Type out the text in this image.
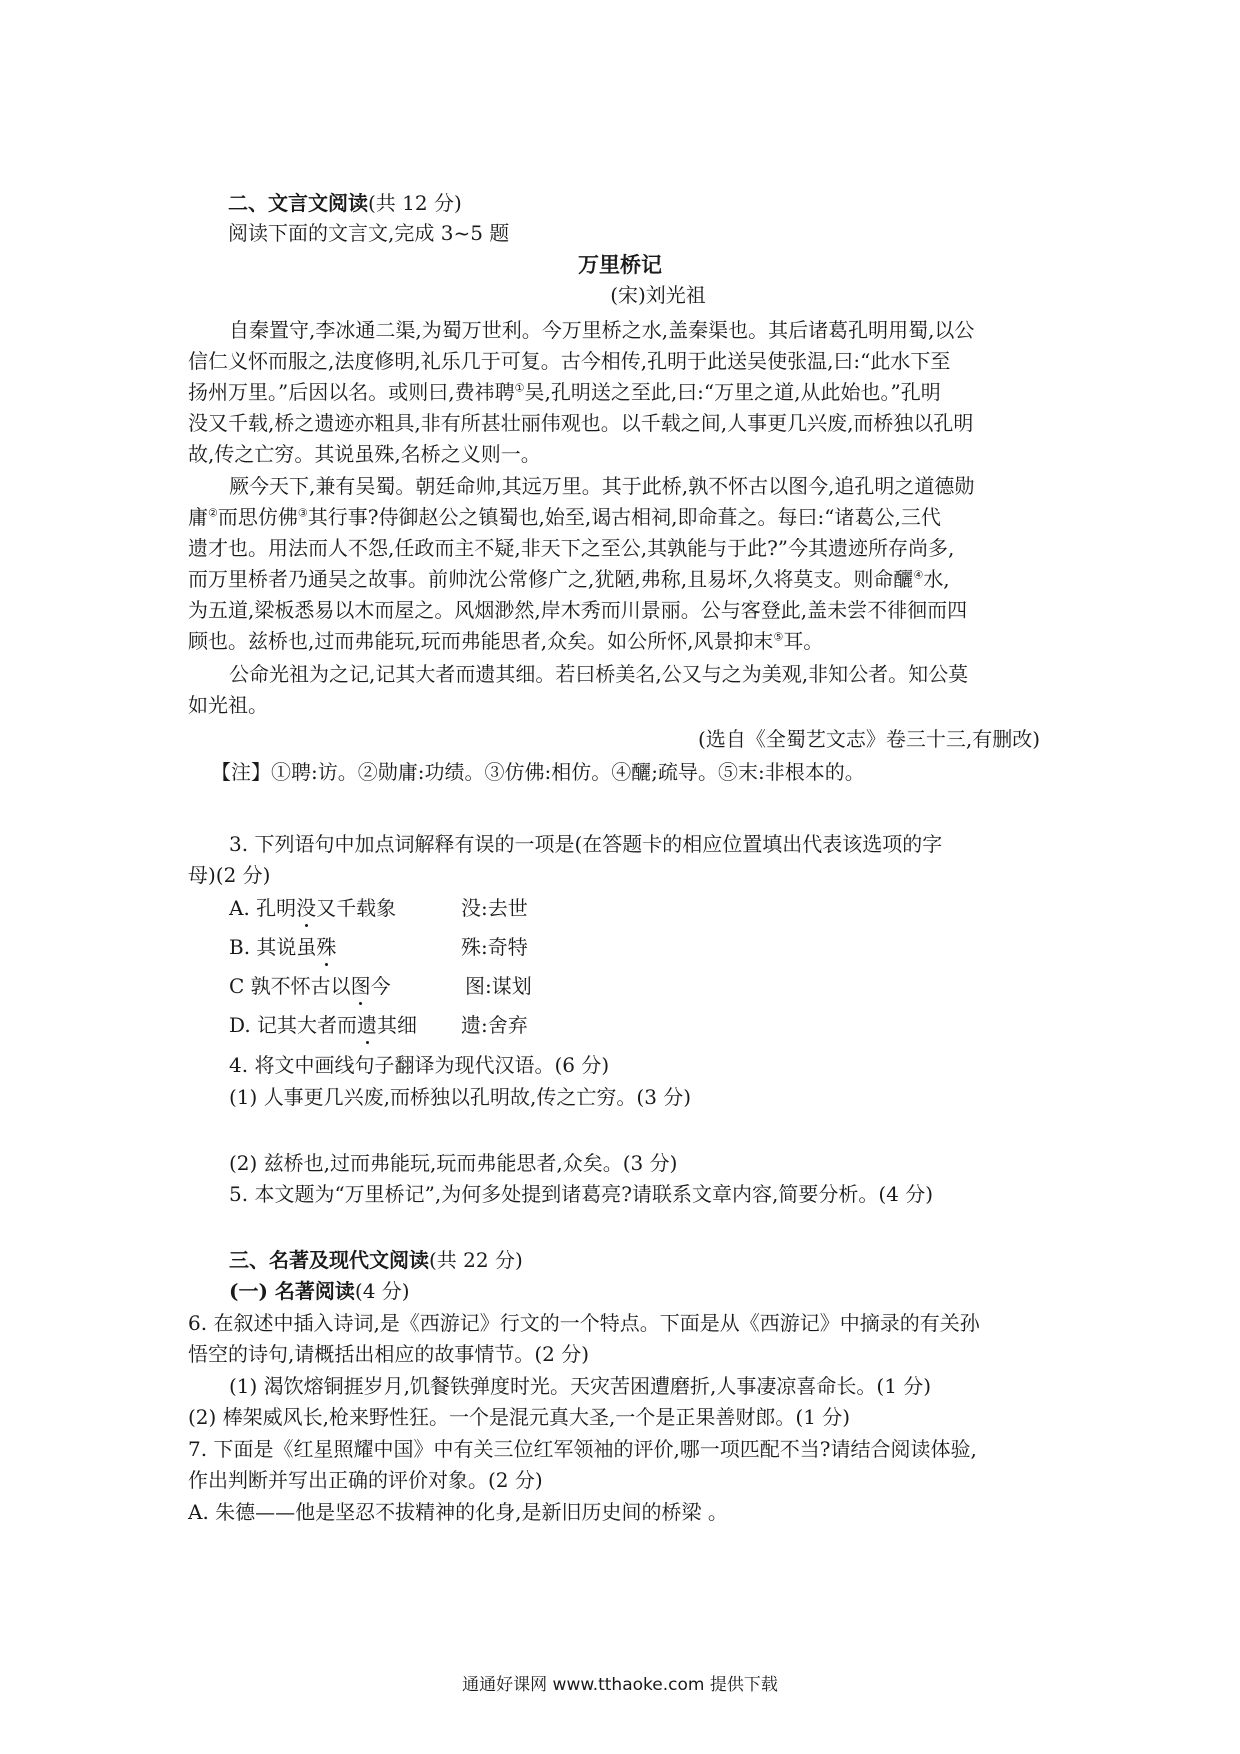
二、文言文阅读(共 12 分)
阅读下面的文言文,完成 3~5 题
万里桥记
(宋)刘光祖
自秦置守,李冰通二渠,为蜀万世利。今万里桥之水,盖秦渠也。其后诸葛孔明用蜀,以公
信仁义怀而服之,法度修明,礼乐几于可复。古今相传,孔明于此送吴使张温,曰:“此水下至
扬州万里。”后因以名。或则曰,费祎聘①吴,孔明送之至此,曰:“万里之道,从此始也。”孔明
没又千载,桥之遗迹亦粗具,非有所甚壮丽伟观也。以千载之间,人事更几兴废,而桥独以孔明
故,传之亡穷。其说虽殊,名桥之义则一。
厥今天下,兼有吴蜀。朝廷命帅,其远万里。其于此桥,孰不怀古以图今,追孔明之道德勋
庸②而思仿佛③其行事?侍御赵公之镇蜀也,始至,谒古相祠,即命葺之。每曰:“诸葛公,三代
遗才也。用法而人不怨,任政而主不疑,非天下之至公,其孰能与于此?”今其遗迹所存尚多,
而万里桥者乃通吴之故事。前帅沈公常修广之,犹陋,弗称,且易坏,久将莫支。则命釃④水,
为五道,梁板悉易以木而屋之。风烟渺然,岸木秀而川景丽。公与客登此,盖未尝不徘徊而四
顾也。兹桥也,过而弗能玩,玩而弗能思者,众矣。如公所怀,风景抑末⑤耳。
公命光祖为之记,记其大者而遗其细。若曰桥美名,公又与之为美观,非知公者。知公莫
如光祖。
(选自《全蜀艺文志》卷三十三,有删改)
【注】①聘:访。②勋庸:功绩。③仿佛:相仿。④釃;疏导。⑤末:非根本的。
3. 下列语句中加点词解释有误的一项是(在答题卡的相应位置填出代表该选项的字
母)(2 分)
A. 孔明没又千载象	没:去世
B. 其说虽殊	殊:奇特
C 孰不怀古以图今	图:谋划
D. 记其大者而遗其细 遗:舍弃
4. 将文中画线句子翻译为现代汉语。(6 分)
(1) 人事更几兴废,而桥独以孔明故,传之亡穷。(3 分)
(2) 兹桥也,过而弗能玩,玩而弗能思者,众矣。(3 分)
5. 本文题为“万里桥记”,为何多处提到诸葛亮?请联系文章内容,简要分析。(4 分)
三、名著及现代文阅读(共 22 分)
(一) 名著阅读(4 分)
6. 在叙述中插入诗词,是《西游记》行文的一个特点。下面是从《西游记》中摘录的有关孙
悟空的诗句,请概括出相应的故事情节。(2 分)
(1) 渴饮熔铜捱岁月,饥餐铁弹度时光。天灾苦困遭磨折,人事凄凉喜命长。(1 分)
(2) 棒架威风长,枪来野性狂。一个是混元真大圣,一个是正果善财郎。(1 分)
7. 下面是《红星照耀中国》中有关三位红军领袖的评价,哪一项匹配不当?请结合阅读体验,
作出判断并写出正确的评价对象。(2 分)
A. 朱德——他是坚忍不拔精神的化身,是新旧历史间的桥梁 。
通通好课网 www.tthaoke.com 提供下载
